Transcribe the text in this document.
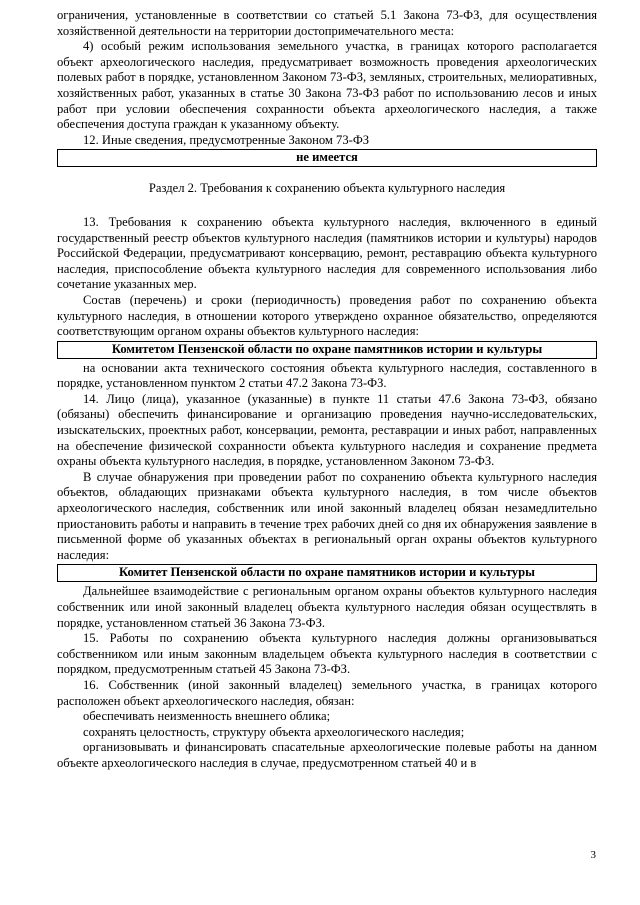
ограничения, установленные в соответствии со статьей 5.1 Закона 73-ФЗ, для осуществления хозяйственной деятельности на территории достопримечательного места:

4) особый режим использования земельного участка, в границах которого располагается объект археологического наследия, предусматривает возможность проведения археологических полевых работ в порядке, установленном Законом 73-ФЗ, земляных, строительных, мелиоративных, хозяйственных работ, указанных в статье 30 Закона 73-ФЗ работ по использованию лесов и иных работ при условии обеспечения сохранности объекта археологического наследия, а также обеспечения доступа граждан к указанному объекту.

12. Иные сведения, предусмотренные Законом 73-ФЗ

не имеется
Раздел 2. Требования к сохранению объекта культурного наследия

13. Требования к сохранению объекта культурного наследия, включенного в единый государственный реестр объектов культурного наследия (памятников истории и культуры) народов Российской Федерации, предусматривают консервацию, ремонт, реставрацию объекта культурного наследия, приспособление объекта культурного наследия для современного использования либо сочетание указанных мер.

Состав (перечень) и сроки (периодичность) проведения работ по сохранению объекта культурного наследия, в отношении которого утверждено охранное обязательство, определяются соответствующим органом охраны объектов культурного наследия:

Комитетом Пензенской области по охране памятников истории и культуры

на основании акта технического состояния объекта культурного наследия, составленного в порядке, установленном пунктом 2 статьи 47.2 Закона 73-ФЗ.

14. Лицо (лица), указанное (указанные) в пункте 11 статьи 47.6 Закона 73-ФЗ, обязано (обязаны) обеспечить финансирование и организацию проведения научно-исследовательских, изыскательских, проектных работ, консервации, ремонта, реставрации и иных работ, направленных на обеспечение физической сохранности объекта культурного наследия и сохранение предмета охраны объекта культурного наследия, в порядке, установленном Законом 73-ФЗ.

В случае обнаружения при проведении работ по сохранению объекта культурного наследия объектов, обладающих признаками объекта культурного наследия, в том числе объектов археологического наследия, собственник или иной законный владелец обязан незамедлительно приостановить работы и направить в течение трех рабочих дней со дня их обнаружения заявление в письменной форме об указанных объектах в региональный орган охраны объектов культурного наследия:

Комитет Пензенской области по охране памятников истории и культуры

Дальнейшее взаимодействие с региональным органом охраны объектов культурного наследия собственник или иной законный владелец объекта культурного наследия обязан осуществлять в порядке, установленном статьей 36 Закона 73-ФЗ.

15. Работы по сохранению объекта культурного наследия должны организовываться собственником или иным законным владельцем объекта культурного наследия в соответствии с порядком, предусмотренным статьей 45 Закона 73-ФЗ.

16. Собственник (иной законный владелец) земельного участка, в границах которого расположен объект археологического наследия, обязан:

обеспечивать неизменность внешнего облика;

сохранять целостность, структуру объекта археологического наследия;

организовывать и финансировать спасательные археологические полевые работы на данном объекте археологического наследия в случае, предусмотренном статьей 40 и в

3
